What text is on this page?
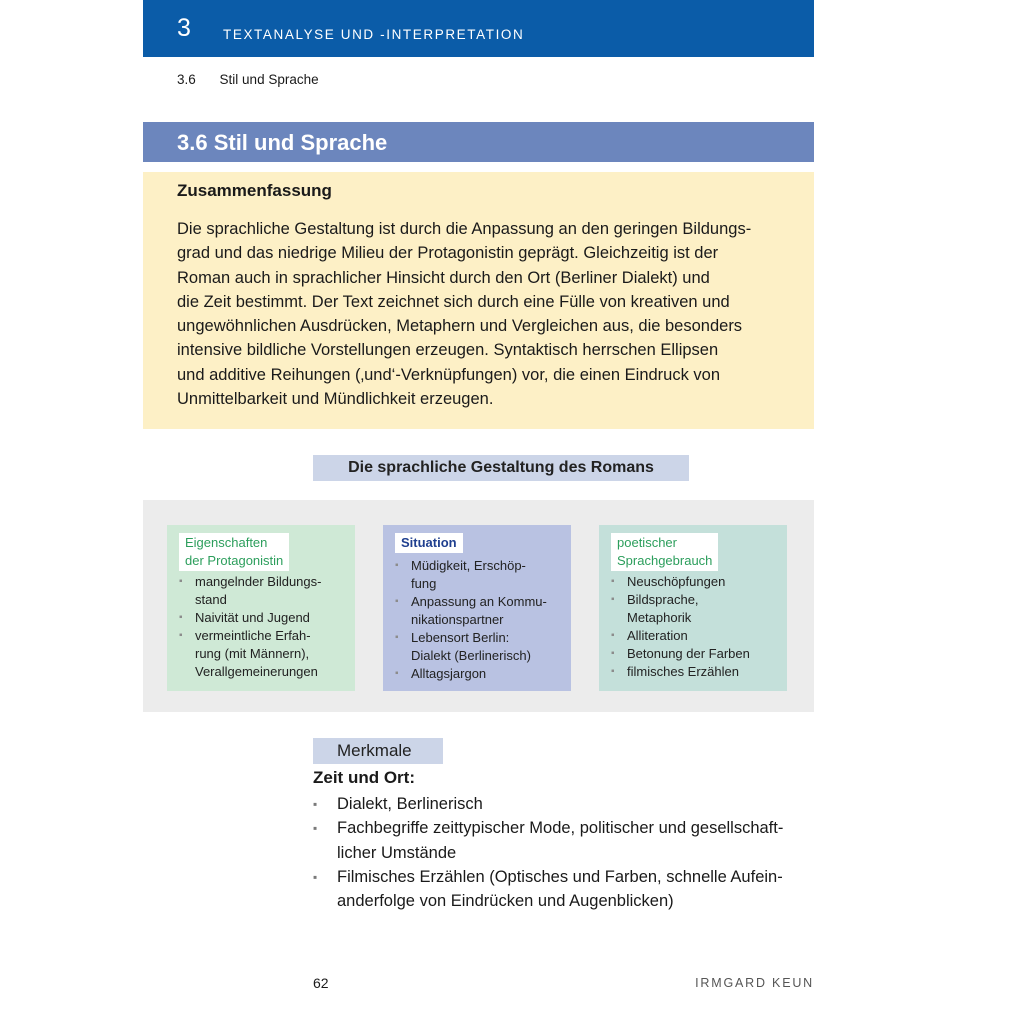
3 TEXTANALYSE UND -INTERPRETATION
3.6 Stil und Sprache
3.6 Stil und Sprache
Zusammenfassung

Die sprachliche Gestaltung ist durch die Anpassung an den geringen Bildungs-
grad und das niedrige Milieu der Protagonistin geprägt. Gleichzeitig ist der
Roman auch in sprachlicher Hinsicht durch den Ort (Berliner Dialekt) und
die Zeit bestimmt. Der Text zeichnet sich durch eine Fülle von kreativen und
ungewöhnlichen Ausdrücken, Metaphern und Vergleichen aus, die besonders
intensive bildliche Vorstellungen erzeugen. Syntaktisch herrschen Ellipsen
und additive Reihungen (‚und‘-Verknüpfungen) vor, die einen Eindruck von
Unmittelbarkeit und Mündlichkeit erzeugen.

Die sprachliche Gestaltung des Romans
Eigenschaften
der Protagonistin
▪ mangelnder Bildungs-
stand
▪ Naivität und Jugend
▪ vermeintliche Erfah-
rung (mit Männern),
Verallgemeinerungen
Situation
▪ Müdigkeit, Erschöp-
fung
▪ Anpassung an Kommu-
nikationspartner
▪ Lebensort Berlin:
Dialekt (Berlinerisch)
▪ Alltagsjargon
poetischer
Sprachgebrauch
▪ Neuschöpfungen
▪ Bildsprache,
Metaphorik
▪ Alliteration
▪ Betonung der Farben
▪ filmisches Erzählen
Merkmale
Zeit und Ort:
▪ Dialekt, Berlinerisch
▪ Fachbegriffe zeittypischer Mode, politischer und gesellschaft-
licher Umstände
▪ Filmisches Erzählen (Optisches und Farben, schnelle Aufein-
anderfolge von Eindrücken und Augenblicken)
62	IRMGARD KEUN
